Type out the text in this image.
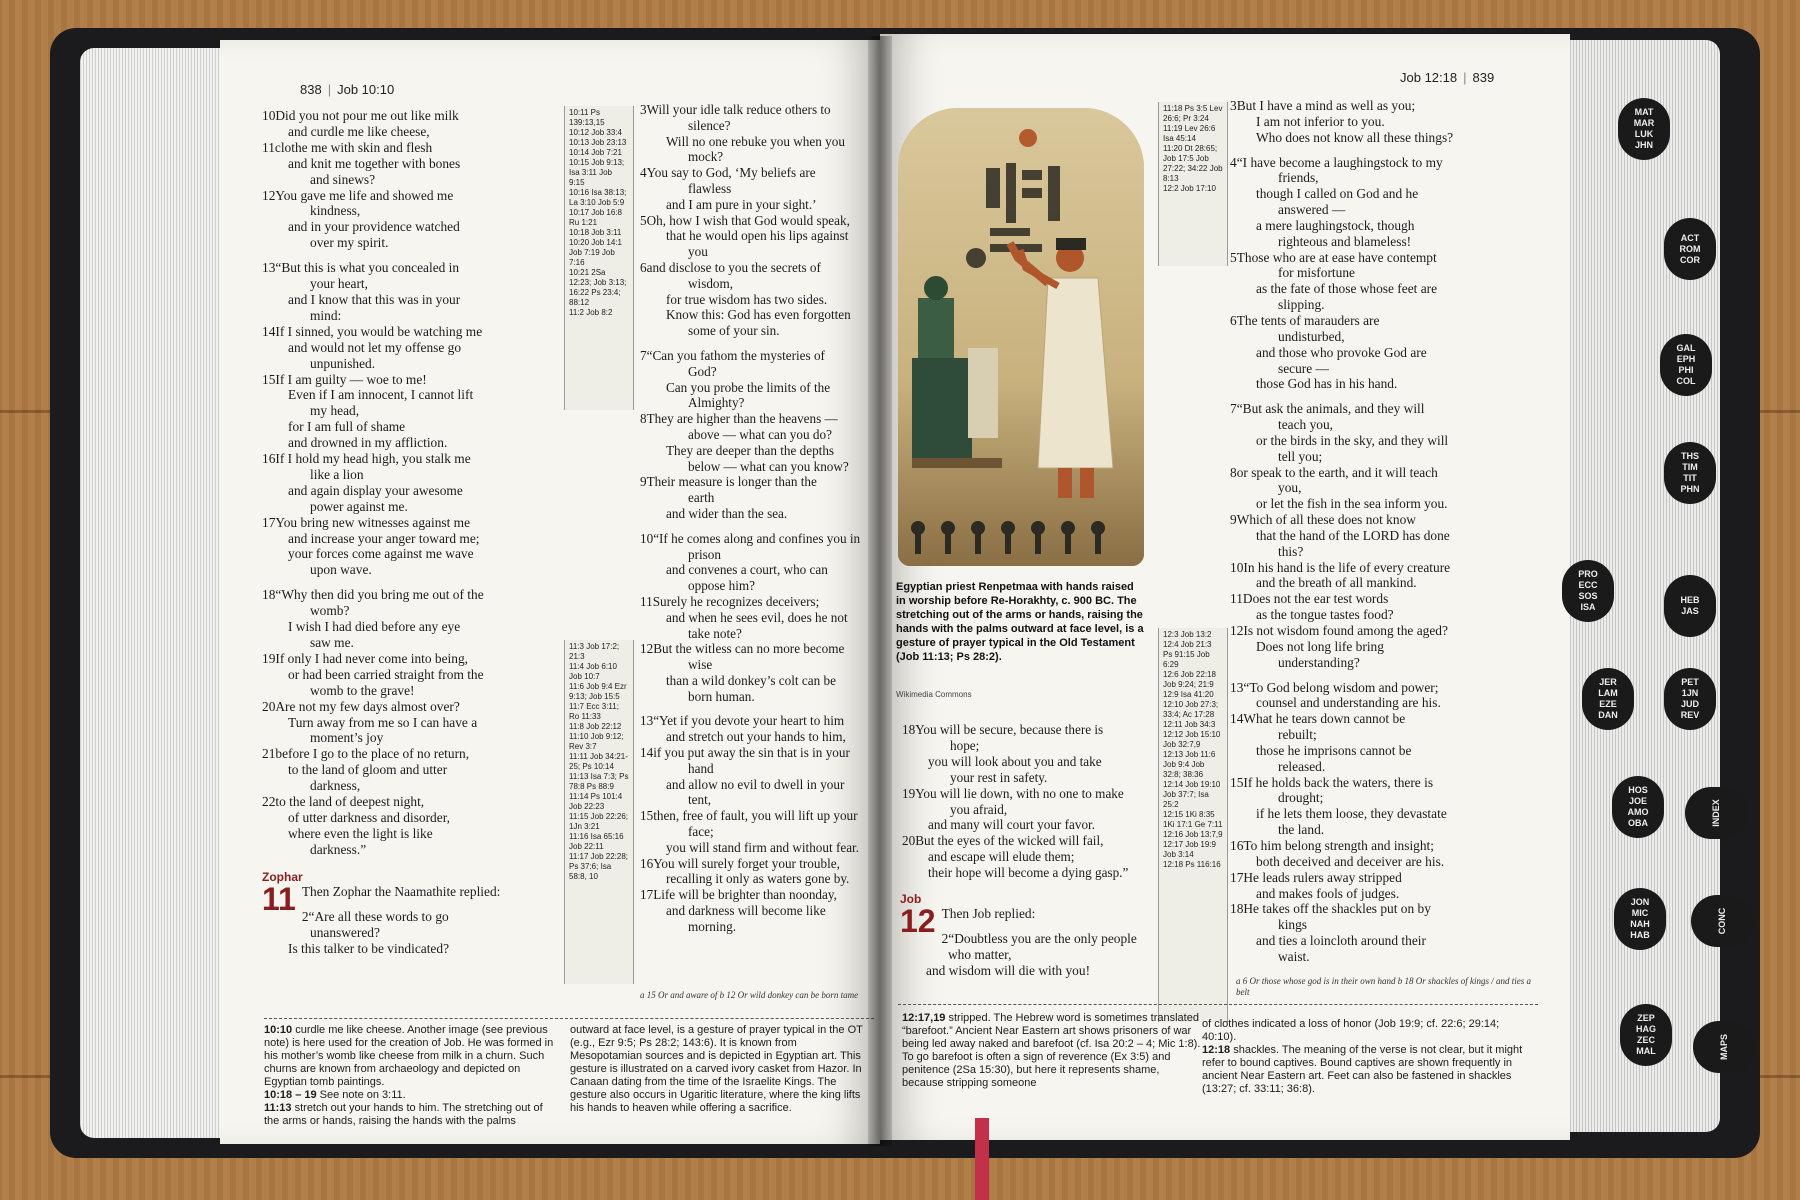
838 | Job 10:10
10Did you not pour me out like milk
and curdle me like cheese,
11clothe me with skin and flesh
and knit me together with bones
and sinews?
12You gave me life and showed me
kindness,
and in your providence watched
over my spirit.
13“But this is what you concealed in
your heart,
and I know that this was in your
mind:
14If I sinned, you would be watching me
and would not let my offense go
unpunished.
15If I am guilty — woe to me!
Even if I am innocent, I cannot lift
my head,
for I am full of shame
and drowned in my affliction.
16If I hold my head high, you stalk me
like a lion
and again display your awesome
power against me.
17You bring new witnesses against me
and increase your anger toward me;
your forces come against me wave
upon wave.
18“Why then did you bring me out of the
womb?
I wish I had died before any eye
saw me.
19If only I had never come into being,
or had been carried straight from the
womb to the grave!
20Are not my few days almost over?
Turn away from me so I can have a
moment’s joy
21before I go to the place of no return,
to the land of gloom and utter
darkness,
22to the land of deepest night,
of utter darkness and disorder,
where even the light is like
darkness.”
Zophar
11 Then Zophar the Naamathite replied:
2“Are all these words to go
unanswered?
Is this talker to be vindicated?
10:11 Ps 139:13,15
10:12 Job 33:4
10:13 Job 23:13
10:14 Job 7:21
10:15 Job 9:13; Isa 3:11 Job 9:15
10:16 Isa 38:13; La 3:10 Job 5:9
10:17 Job 16:8 Ru 1:21
10:18 Job 3:11
10:20 Job 14:1 Job 7:19 Job 7:16
10:21 2Sa 12:23; Job 3:13; 16:22 Ps 23:4; 88:12
11:2 Job 8:2
11:3 Job 17:2; 21:3
11:4 Job 6:10 Job 10:7
11:6 Job 9:4 Ezr 9:13; Job 15:5
11:7 Ecc 3:11; Ro 11:33
11:8 Job 22:12
11:10 Job 9:12; Rev 3:7
11:11 Job 34:21-25; Ps 10:14
11:13 Isa 7:3; Ps 78:8 Ps 88:9
11:14 Ps 101:4 Job 22:23
11:15 Job 22:26; 1Jn 3:21
11:16 Isa 65:16 Job 22:11
11:17 Job 22:28; Ps 37:6; Isa 58:8, 10
3Will your idle talk reduce others to
silence?
Will no one rebuke you when you
mock?
4You say to God, ‘My beliefs are
flawless
and I am pure in your sight.’
5Oh, how I wish that God would speak,
that he would open his lips against
you
6and disclose to you the secrets of
wisdom,
for true wisdom has two sides.
Know this: God has even forgotten
some of your sin.
7“Can you fathom the mysteries of
God?
Can you probe the limits of the
Almighty?
8They are higher than the heavens —
above — what can you do?
They are deeper than the depths
below — what can you know?
9Their measure is longer than the
earth
and wider than the sea.
10“If he comes along and confines you in
prison
and convenes a court, who can
oppose him?
11Surely he recognizes deceivers;
and when he sees evil, does he not
take note?
12But the witless can no more become
wise
than a wild donkey’s colt can be
born human.
13“Yet if you devote your heart to him
and stretch out your hands to him,
14if you put away the sin that is in your
hand
and allow no evil to dwell in your
tent,
15then, free of fault, you will lift up your
face;
you will stand firm and without fear.
16You will surely forget your trouble,
recalling it only as waters gone by.
17Life will be brighter than noonday,
and darkness will become like
morning.
a 15 Or and aware of b 12 Or wild donkey can be born tame
10:10 curdle me like cheese. Another image (see previous note) is here used for the creation of Job. He was formed in his mother’s womb like cheese from milk in a churn. Such churns are known from archaeology and depicted on Egyptian tomb paintings.
10:18 – 19 See note on 3:11.
11:13 stretch out your hands to him. The stretching out of the arms or hands, raising the hands with the palms
outward at face level, is a gesture of prayer typical in the OT (e.g., Ezr 9:5; Ps 28:2; 143:6). It is known from Mesopotamian sources and is depicted in Egyptian art. This gesture is illustrated on a carved ivory casket from Hazor. In Canaan dating from the time of the Israelite Kings. The gesture also occurs in Ugaritic literature, where the king lifts his hands to heaven while offering a sacrifice.
Job 12:18 | 839
18You will be secure, because there is
hope;
you will look about you and take
your rest in safety.
19You will lie down, with no one to make
you afraid,
and many will court your favor.
20But the eyes of the wicked will fail,
and escape will elude them;
their hope will become a dying gasp.”
Job
12 Then Job replied:
2“Doubtless you are the only people
who matter,
and wisdom will die with you!
11:18 Ps 3:5 Lev 26:6; Pr 3:24
11:19 Lev 26:6 Isa 45:14
11:20 Dt 28:65; Job 17:5 Job 27:22; 34:22 Job 8:13
12:2 Job 17:10
12:3 Job 13:2
12:4 Job 21:3 Ps 91:15 Job 6:29
12:6 Job 22:18 Job 9:24; 21:9
12:9 Isa 41:20
12:10 Job 27:3; 33:4; Ac 17:28
12:11 Job 34:3
12:12 Job 15:10 Job 32:7,9
12:13 Job 11:6 Job 9:4 Job 32:8; 38:36
12:14 Job 19:10 Job 37:7; Isa 25:2
12:15 1Ki 8:35 1Ki 17:1 Ge 7:11
12:16 Job 13:7,9
12:17 Job 19:9 Job 3:14
12:18 Ps 116:16
3But I have a mind as well as you;
I am not inferior to you.
Who does not know all these things?
4“I have become a laughingstock to my
friends,
though I called on God and he
answered —
a mere laughingstock, though
righteous and blameless!
5Those who are at ease have contempt
for misfortune
as the fate of those whose feet are
slipping.
6The tents of marauders are
undisturbed,
and those who provoke God are
secure —
those God has in his hand.
7“But ask the animals, and they will
teach you,
or the birds in the sky, and they will
tell you;
8or speak to the earth, and it will teach
you,
or let the fish in the sea inform you.
9Which of all these does not know
that the hand of the LORD has done
this?
10In his hand is the life of every creature
and the breath of all mankind.
11Does not the ear test words
as the tongue tastes food?
12Is not wisdom found among the aged?
Does not long life bring
understanding?
13“To God belong wisdom and power;
counsel and understanding are his.
14What he tears down cannot be
rebuilt;
those he imprisons cannot be
released.
15If he holds back the waters, there is
drought;
if he lets them loose, they devastate
the land.
16To him belong strength and insight;
both deceived and deceiver are his.
17He leads rulers away stripped
and makes fools of judges.
18He takes off the shackles put on by
kings
and ties a loincloth around their
waist.
a 6 Or those whose god is in their own hand b 18 Or shackles of kings / and ties a belt
12:17,19 stripped. The Hebrew word is sometimes translated “barefoot.” Ancient Near Eastern art shows prisoners of war being led away naked and barefoot (cf. Isa 20:2 – 4; Mic 1:8). To go barefoot is often a sign of reverence (Ex 3:5) and penitence (2Sa 15:30), but here it represents shame, because stripping someone
of clothes indicated a loss of honor (Job 19:9; cf. 22:6; 29:14; 40:10).
12:18 shackles. The meaning of the verse is not clear, but it might refer to bound captives. Bound captives are shown frequently in ancient Near Eastern art. Feet can also be fastened in shackles (13:27; cf. 33:11; 36:8).
Egyptian priest Renpetmaa with hands raised in worship before Re-Horakhty, c. 900 BC. The stretching out of the arms or hands, raising the hands with the palms outward at face level, is a gesture of prayer typical in the Old Testament (Job 11:13; Ps 28:2).
Wikimedia Commons
MAT
MAR
LUK
JHN
ACT
ROM
COR
GAL
EPH
PHI
COL
THS
TIM
TIT
PHN
PRO
ECC
SOS
ISA
HEB
JAS
JER
LAM
EZE
DAN
PET
1JN
JUD
REV
HOS
JOE
AMO
OBA	INDEX
JON
MIC
NAH
HAB
CONC
ZEP
HAG
ZEC
MAL	MAPS
